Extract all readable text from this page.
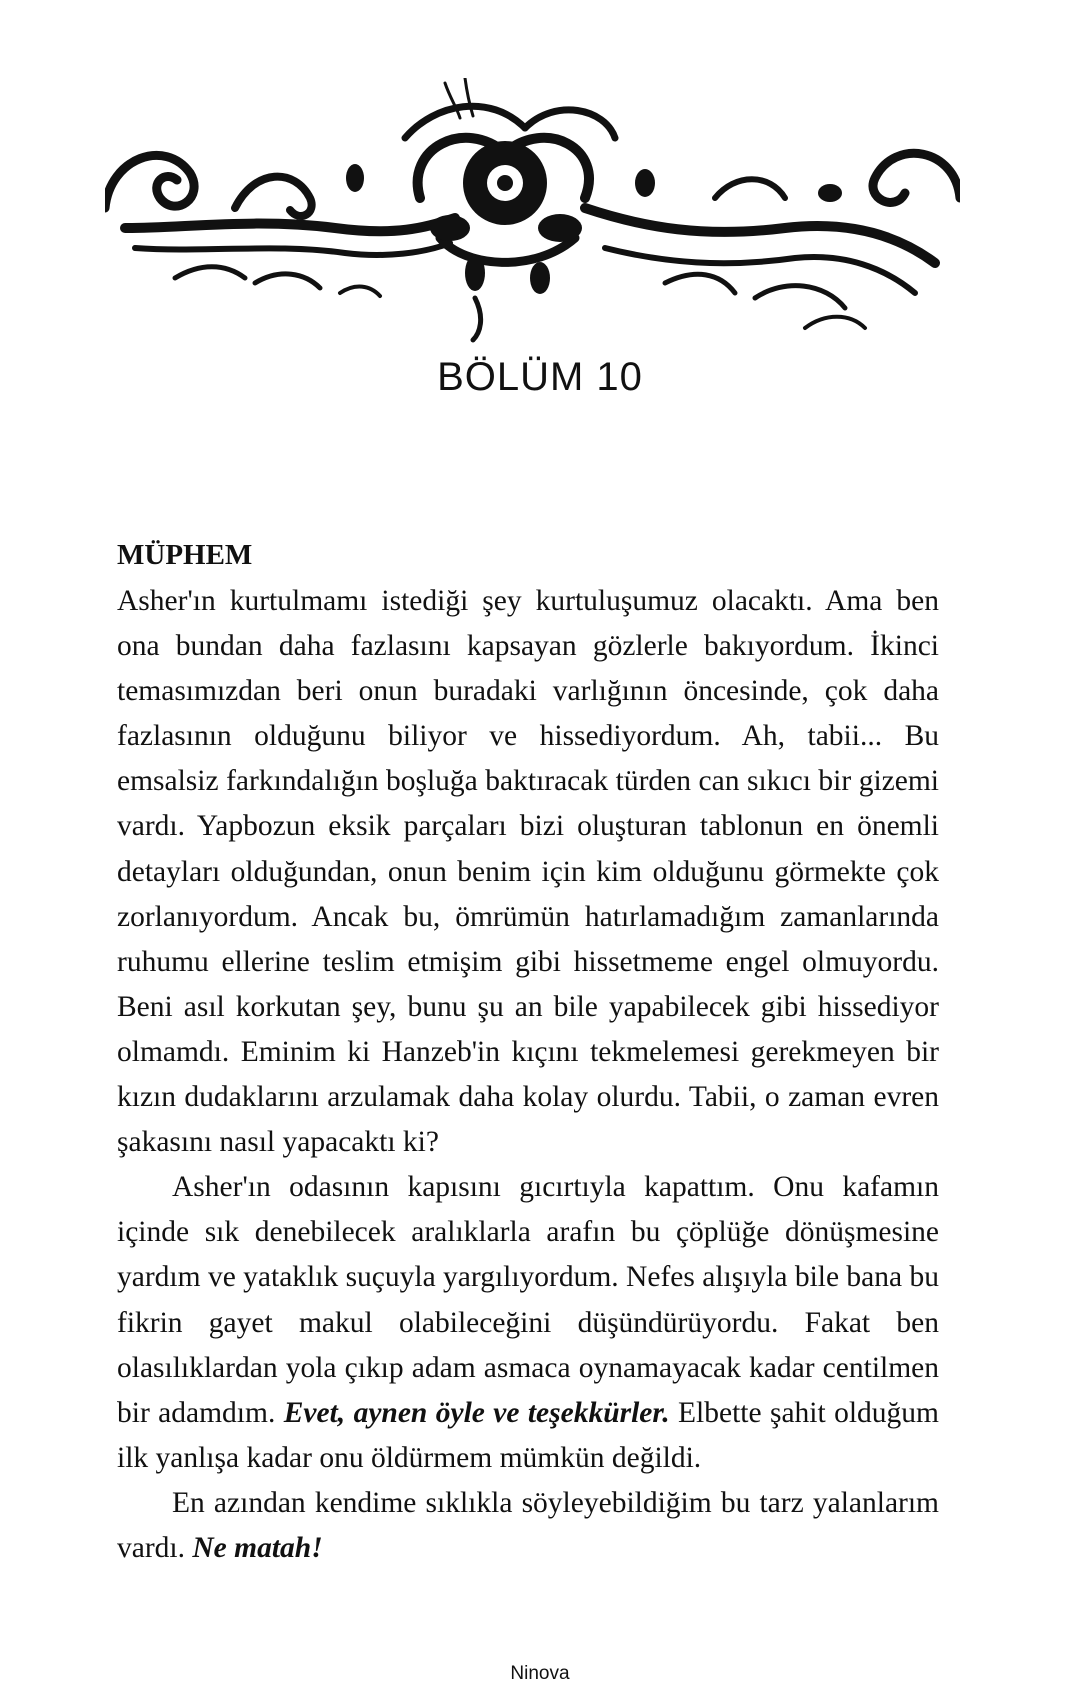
BÖLÜM 10
MÜPHEM

Asher'ın kurtulmamı istediği şey kurtuluşumuz olacaktı. Ama ben ona bundan daha fazlasını kapsayan gözlerle bakıyordum. İkinci temasımızdan beri onun buradaki varlığının öncesinde, çok daha fazlasının olduğunu biliyor ve hissediyordum. Ah, tabii... Bu emsalsiz farkındalığın boşluğa baktıracak türden can sıkıcı bir gizemi vardı. Yapbozun eksik parçaları bizi oluşturan tablonun en önemli detayları olduğundan, onun benim için kim olduğunu görmekte çok zorlanıyordum. Ancak bu, ömrümün hatırlamadığım zamanlarında ruhumu ellerine teslim etmişim gibi hissetmeme engel olmuyordu. Beni asıl korkutan şey, bunu şu an bile yapabilecek gibi hissediyor olmamdı. Eminim ki Hanzeb'in kıçını tekmelemesi gerekmeyen bir kızın dudaklarını arzulamak daha kolay olurdu. Tabii, o zaman evren şakasını nasıl yapacaktı ki?

Asher'ın odasının kapısını gıcırtıyla kapattım. Onu kafamın içinde sık denebilecek aralıklarla arafın bu çöplüğe dönüşmesine yardım ve yataklık suçuyla yargılıyordum. Nefes alışıyla bile bana bu fikrin gayet makul olabileceğini düşündürüyordu. Fakat ben olasılıklardan yola çıkıp adam asmaca oynamayacak kadar centilmen bir adamdım. Evet, aynen öyle ve teşekkürler. Elbette şahit olduğum ilk yanlışa kadar onu öldürmem mümkün değildi.

En azından kendime sıklıkla söyleyebildiğim bu tarz yalanlarım vardı. Ne matah!

Ninova
